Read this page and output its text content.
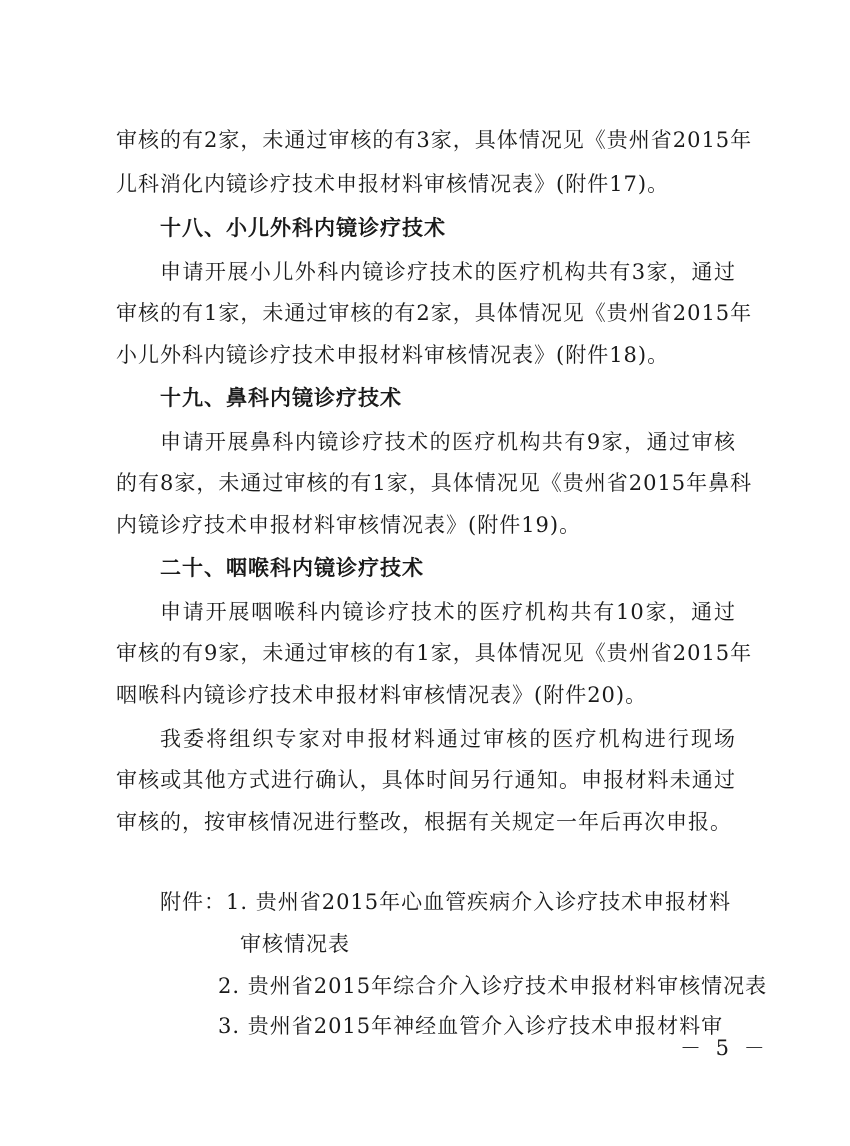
审核的有2家，未通过审核的有3家，具体情况见《贵州省2015年
儿科消化内镜诊疗技术申报材料审核情况表》(附件17)。
十八、小儿外科内镜诊疗技术
申请开展小儿外科内镜诊疗技术的医疗机构共有3家，通过
审核的有1家，未通过审核的有2家，具体情况见《贵州省2015年
小儿外科内镜诊疗技术申报材料审核情况表》(附件18)。
十九、鼻科内镜诊疗技术
申请开展鼻科内镜诊疗技术的医疗机构共有9家，通过审核
的有8家，未通过审核的有1家，具体情况见《贵州省2015年鼻科
内镜诊疗技术申报材料审核情况表》(附件19)。
二十、咽喉科内镜诊疗技术
申请开展咽喉科内镜诊疗技术的医疗机构共有10家，通过
审核的有9家，未通过审核的有1家，具体情况见《贵州省2015年
咽喉科内镜诊疗技术申报材料审核情况表》(附件20)。
我委将组织专家对申报材料通过审核的医疗机构进行现场
审核或其他方式进行确认，具体时间另行通知。申报材料未通过
审核的，按审核情况进行整改，根据有关规定一年后再次申报。
附件：1. 贵州省2015年心血管疾病介入诊疗技术申报材料
审核情况表
2. 贵州省2015年综合介入诊疗技术申报材料审核情况表
3. 贵州省2015年神经血管介入诊疗技术申报材料审
－ 5 －
